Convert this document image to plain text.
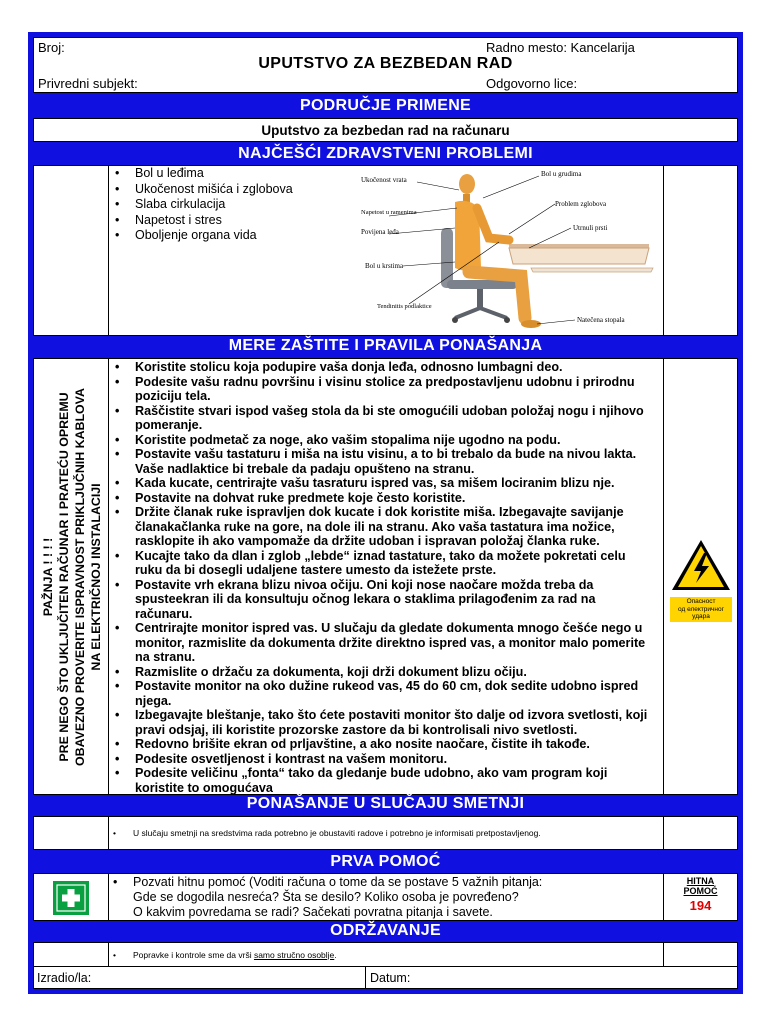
Broj:	Radno mesto: Kancelarija
UPUTSTVO ZA BEZBEDAN RAD
Privredni subjekt:	Odgovorno lice:
PODRUČJE PRIMENE
Uputstvo za bezbedan rad na računaru
NAJČEŠĆI ZDRAVSTVENI PROBLEMI
• Bol u leđima
• Ukočenost mišića i zglobova
• Slaba cirkulacija
• Napetost i stres
• Oboljenje organa vida
Ukočenost vrata
Bol u grudima
Problem zglobova
Napetost u ramenima
Povijena leđa	Utrnuli prsti
Bol u krstima
Tendinitis podlaktice
Natečena stopala
MERE ZAŠTITE I PRAVILA PONAŠANJA
PAŽNJA ! ! ! ! PRE NEGO ŠTO UKLJUČITEN RAČUNAR I PRATEĆU OPREMU OBAVEZNO PROVERITE ISPRAVNOST PRIKLJUČNIH KABLOVA NA ELEKTRIČNOJ INSTALACIJI
• Koristite stolicu koja podupire vaša donja leđa, odnosno lumbagni deo.
• Podesite vašu radnu površinu i visinu stolice za predpostavljenu udobnu i prirodnu poziciju tela.
• Raščistite stvari ispod vašeg stola da bi ste omogućili udoban položaj nogu i njihovo pomeranje.
• Koristite podmetač za noge, ako vašim stopalima nije ugodno na podu.
• Postavite vašu tastaturu i miša na istu visinu, a to bi trebalo da bude na nivou lakta. Vaše nadlaktice bi trebale da padaju opušteno na stranu.
• Kada kucate, centrirajte vašu tasraturu ispred vas, sa mišem lociranim blizu nje.
• Postavite na dohvat ruke predmete koje često koristite.
• Držite članak ruke ispravljen dok kucate i dok koristite miša. Izbegavajte savijanje članakačlanka ruke na gore, na dole ili na stranu. Ako vaša tastatura ima nožice, rasklopite ih ako vampomaže da držite udoban i ispravan položaj članka ruke.
• Kucajte tako da dlan i zglob „lebde“ iznad tastature, tako da možete pokretati celu ruku da bi dosegli udaljene tastere umesto da istežete prste.
• Postavite vrh ekrana blizu nivoa očiju. Oni koji nose naočare možda treba da spusteekran ili da konsultuju očnog lekara o staklima prilagođenim za rad na računaru.
• Centrirajte monitor ispred vas. U slučaju da gledate dokumenta mnogo češće nego u monitor, razmislite da dokumenta držite direktno ispred vas, a monitor malo pomerite na stranu.
• Razmislite o držaču za dokumenta, koji drži dokument blizu očiju.
• Postavite monitor na oko dužine rukeod vas, 45 do 60 cm, dok sedite udobno ispred njega.
• Izbegavajte bleštanje, tako što ćete postaviti monitor što dalje od izvora svetlosti, koji pravi odsjaj, ili koristite prozorske zastore da bi kontrolisali nivo svetlosti.
• Redovno brišite ekran od prljavštine, a ako nosite naočare, čistite ih takođe.
• Podesite osvetljenost i kontrast na vašem monitoru.
• Podesite veličinu „fonta“ tako da gledanje bude udobno, ako vam program koji koristite to omogućava
Опасност
од електричног
удара
PONAŠANJE U SLUČAJU SMETNJI
• U slučaju smetnji na sredstvima rada potrebno je obustaviti radove i potrebno je informisati pretpostavljenog.
PRVA POMOĆ
• Pozvati hitnu pomoć (Voditi računa o tome da se postave 5 važnih pitanja:
Gde se dogodila nesreća? Šta se desilo? Koliko osoba je povređeno?
O kakvim povredama se radi? Sačekati povratna pitanja i savete.
HITNA
POMOĆ
194
ODRŽAVANJE
• Popravke i kontrole sme da vrši samo stručno osoblje.
Izradio/la:	Datum:
